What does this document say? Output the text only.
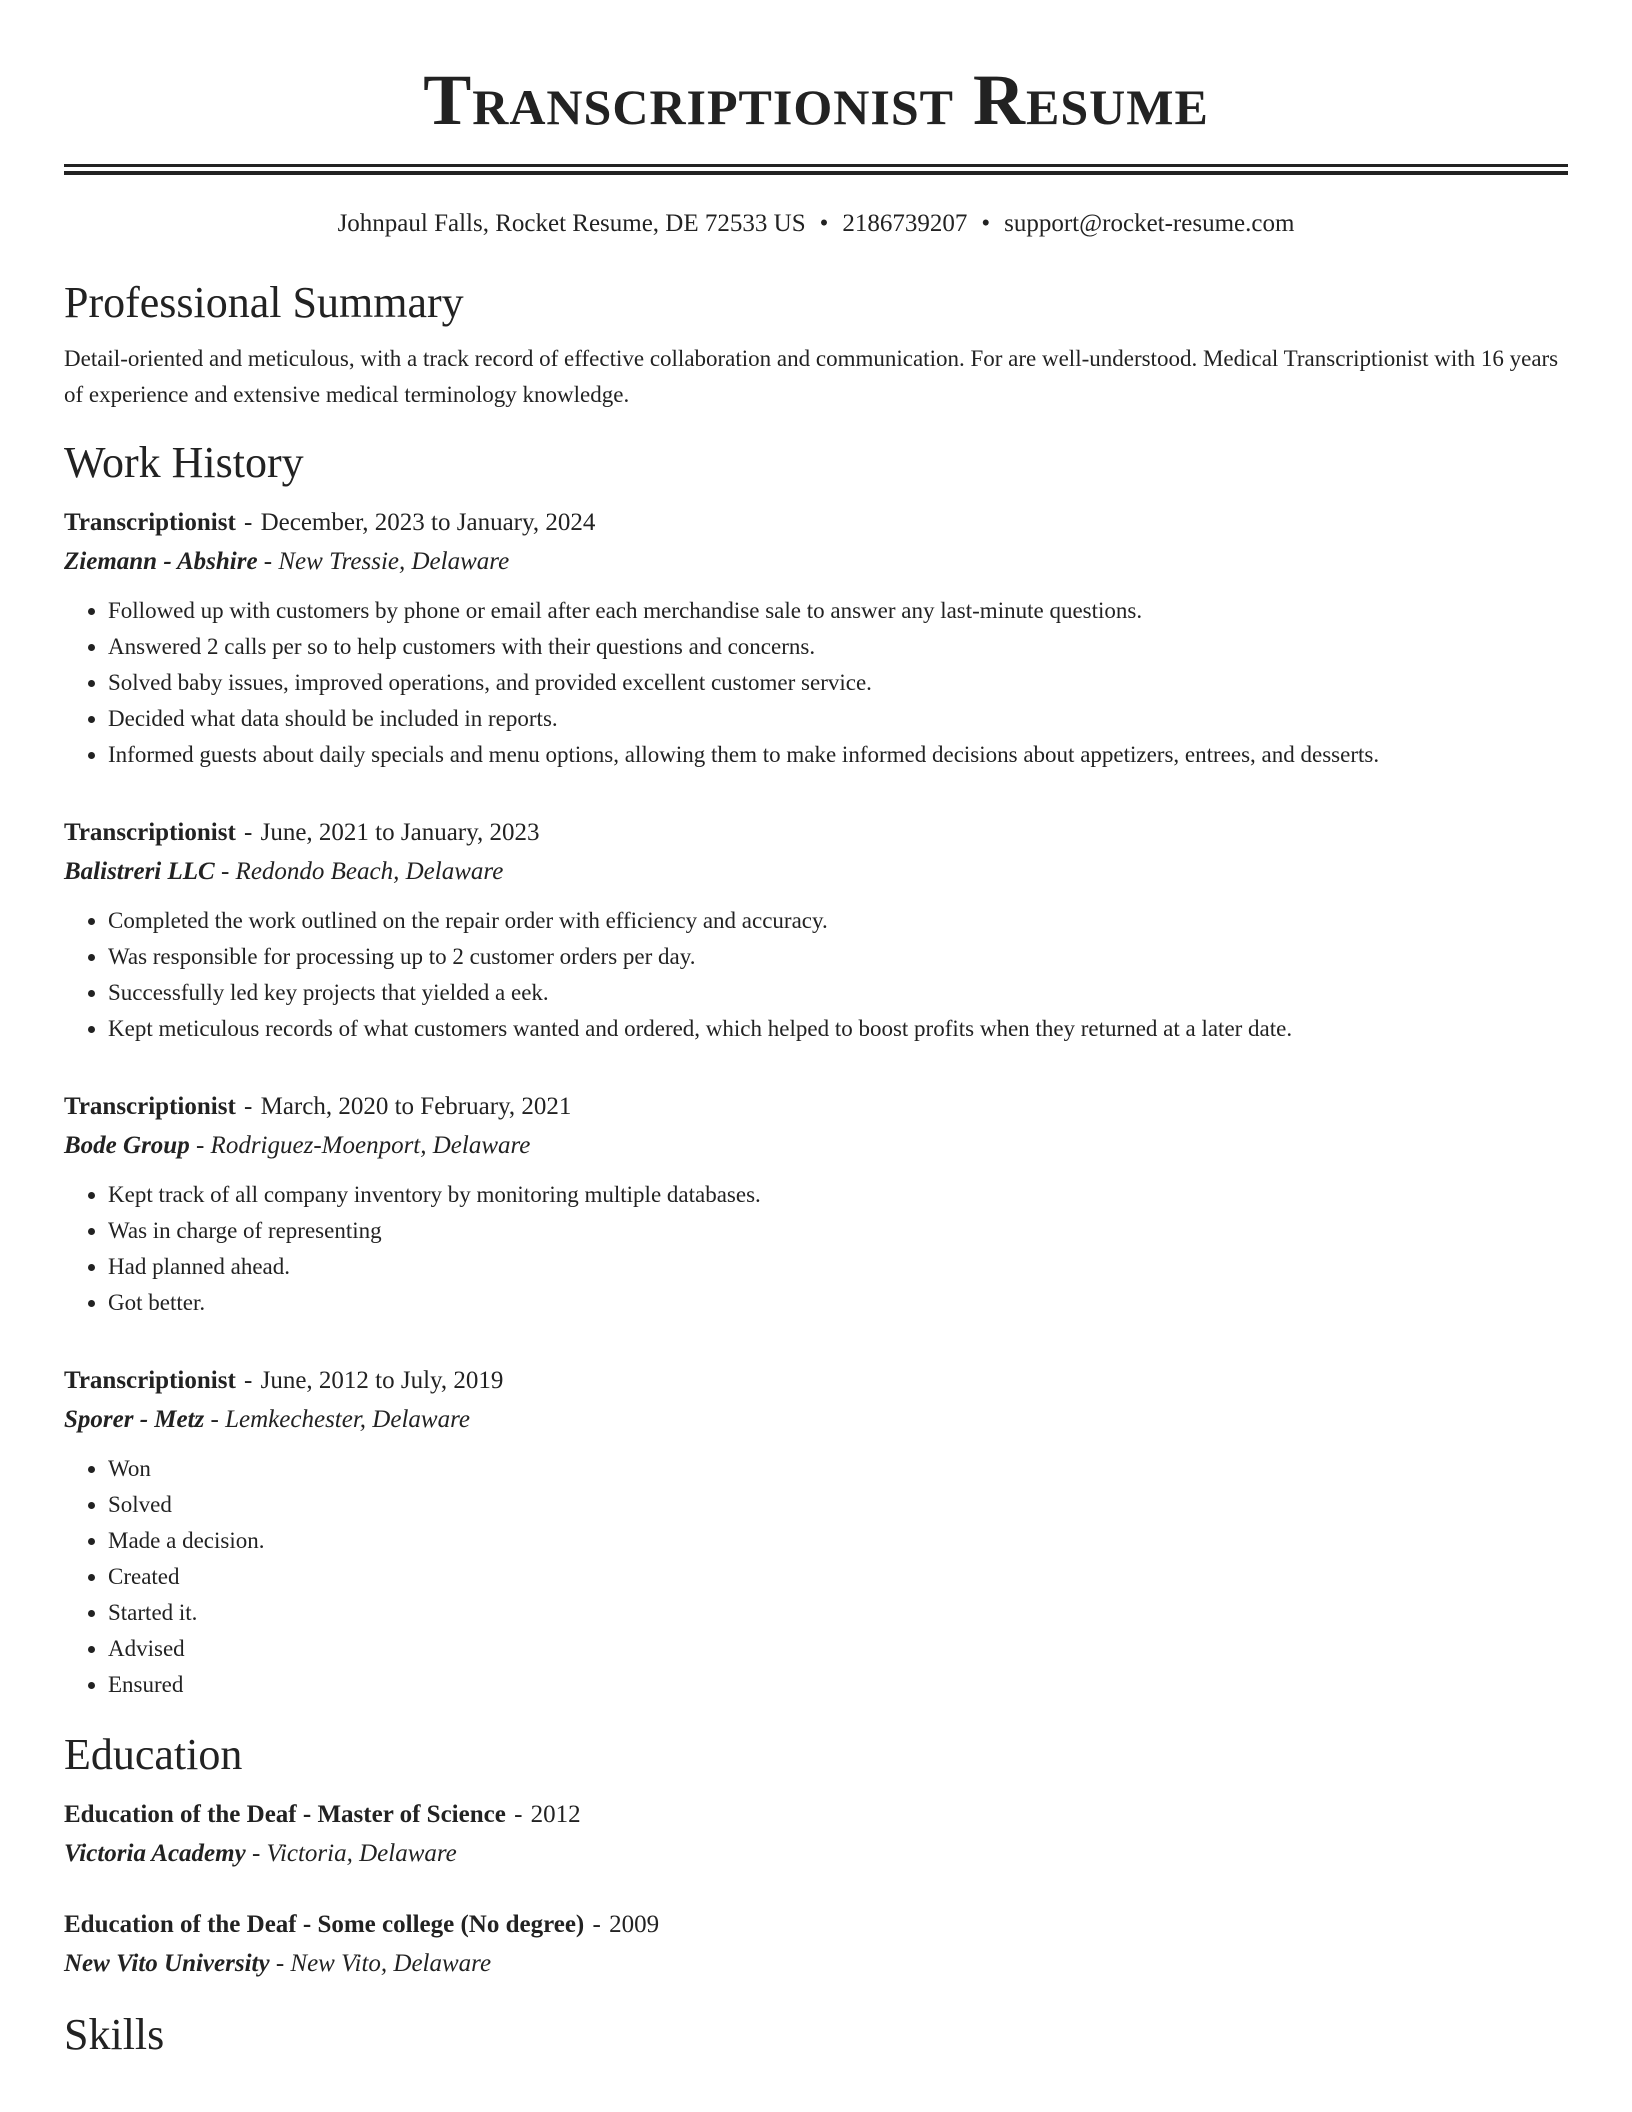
Transcriptionist Resume
Johnpaul Falls, Rocket Resume, DE 72533 US • 2186739207 • support@rocket-resume.com
Professional Summary

Detail-oriented and meticulous, with a track record of effective collaboration and communication. For are well-understood. Medical Transcriptionist with 16 years of experience and extensive medical terminology knowledge.

Work History
Transcriptionist - December, 2023 to January, 2024
Ziemann - Abshire - New Tressie, Delaware
• Followed up with customers by phone or email after each merchandise sale to answer any last-minute questions.
• Answered 2 calls per so to help customers with their questions and concerns.
• Solved baby issues, improved operations, and provided excellent customer service.
• Decided what data should be included in reports.
• Informed guests about daily specials and menu options, allowing them to make informed decisions about appetizers, entrees, and desserts.
Transcriptionist - June, 2021 to January, 2023
Balistreri LLC - Redondo Beach, Delaware
• Completed the work outlined on the repair order with efficiency and accuracy.
• Was responsible for processing up to 2 customer orders per day.
• Successfully led key projects that yielded a eek.
• Kept meticulous records of what customers wanted and ordered, which helped to boost profits when they returned at a later date.
Transcriptionist - March, 2020 to February, 2021
Bode Group - Rodriguez-Moenport, Delaware
• Kept track of all company inventory by monitoring multiple databases.
• Was in charge of representing
• Had planned ahead.
• Got better.
Transcriptionist - June, 2012 to July, 2019
Sporer - Metz - Lemkechester, Delaware
• Won
• Solved
• Made a decision.
• Created
• Started it.
• Advised
• Ensured
Education
Education of the Deaf - Master of Science - 2012
Victoria Academy - Victoria, Delaware
Education of the Deaf - Some college (No degree) - 2009
New Vito University - New Vito, Delaware
Skills
